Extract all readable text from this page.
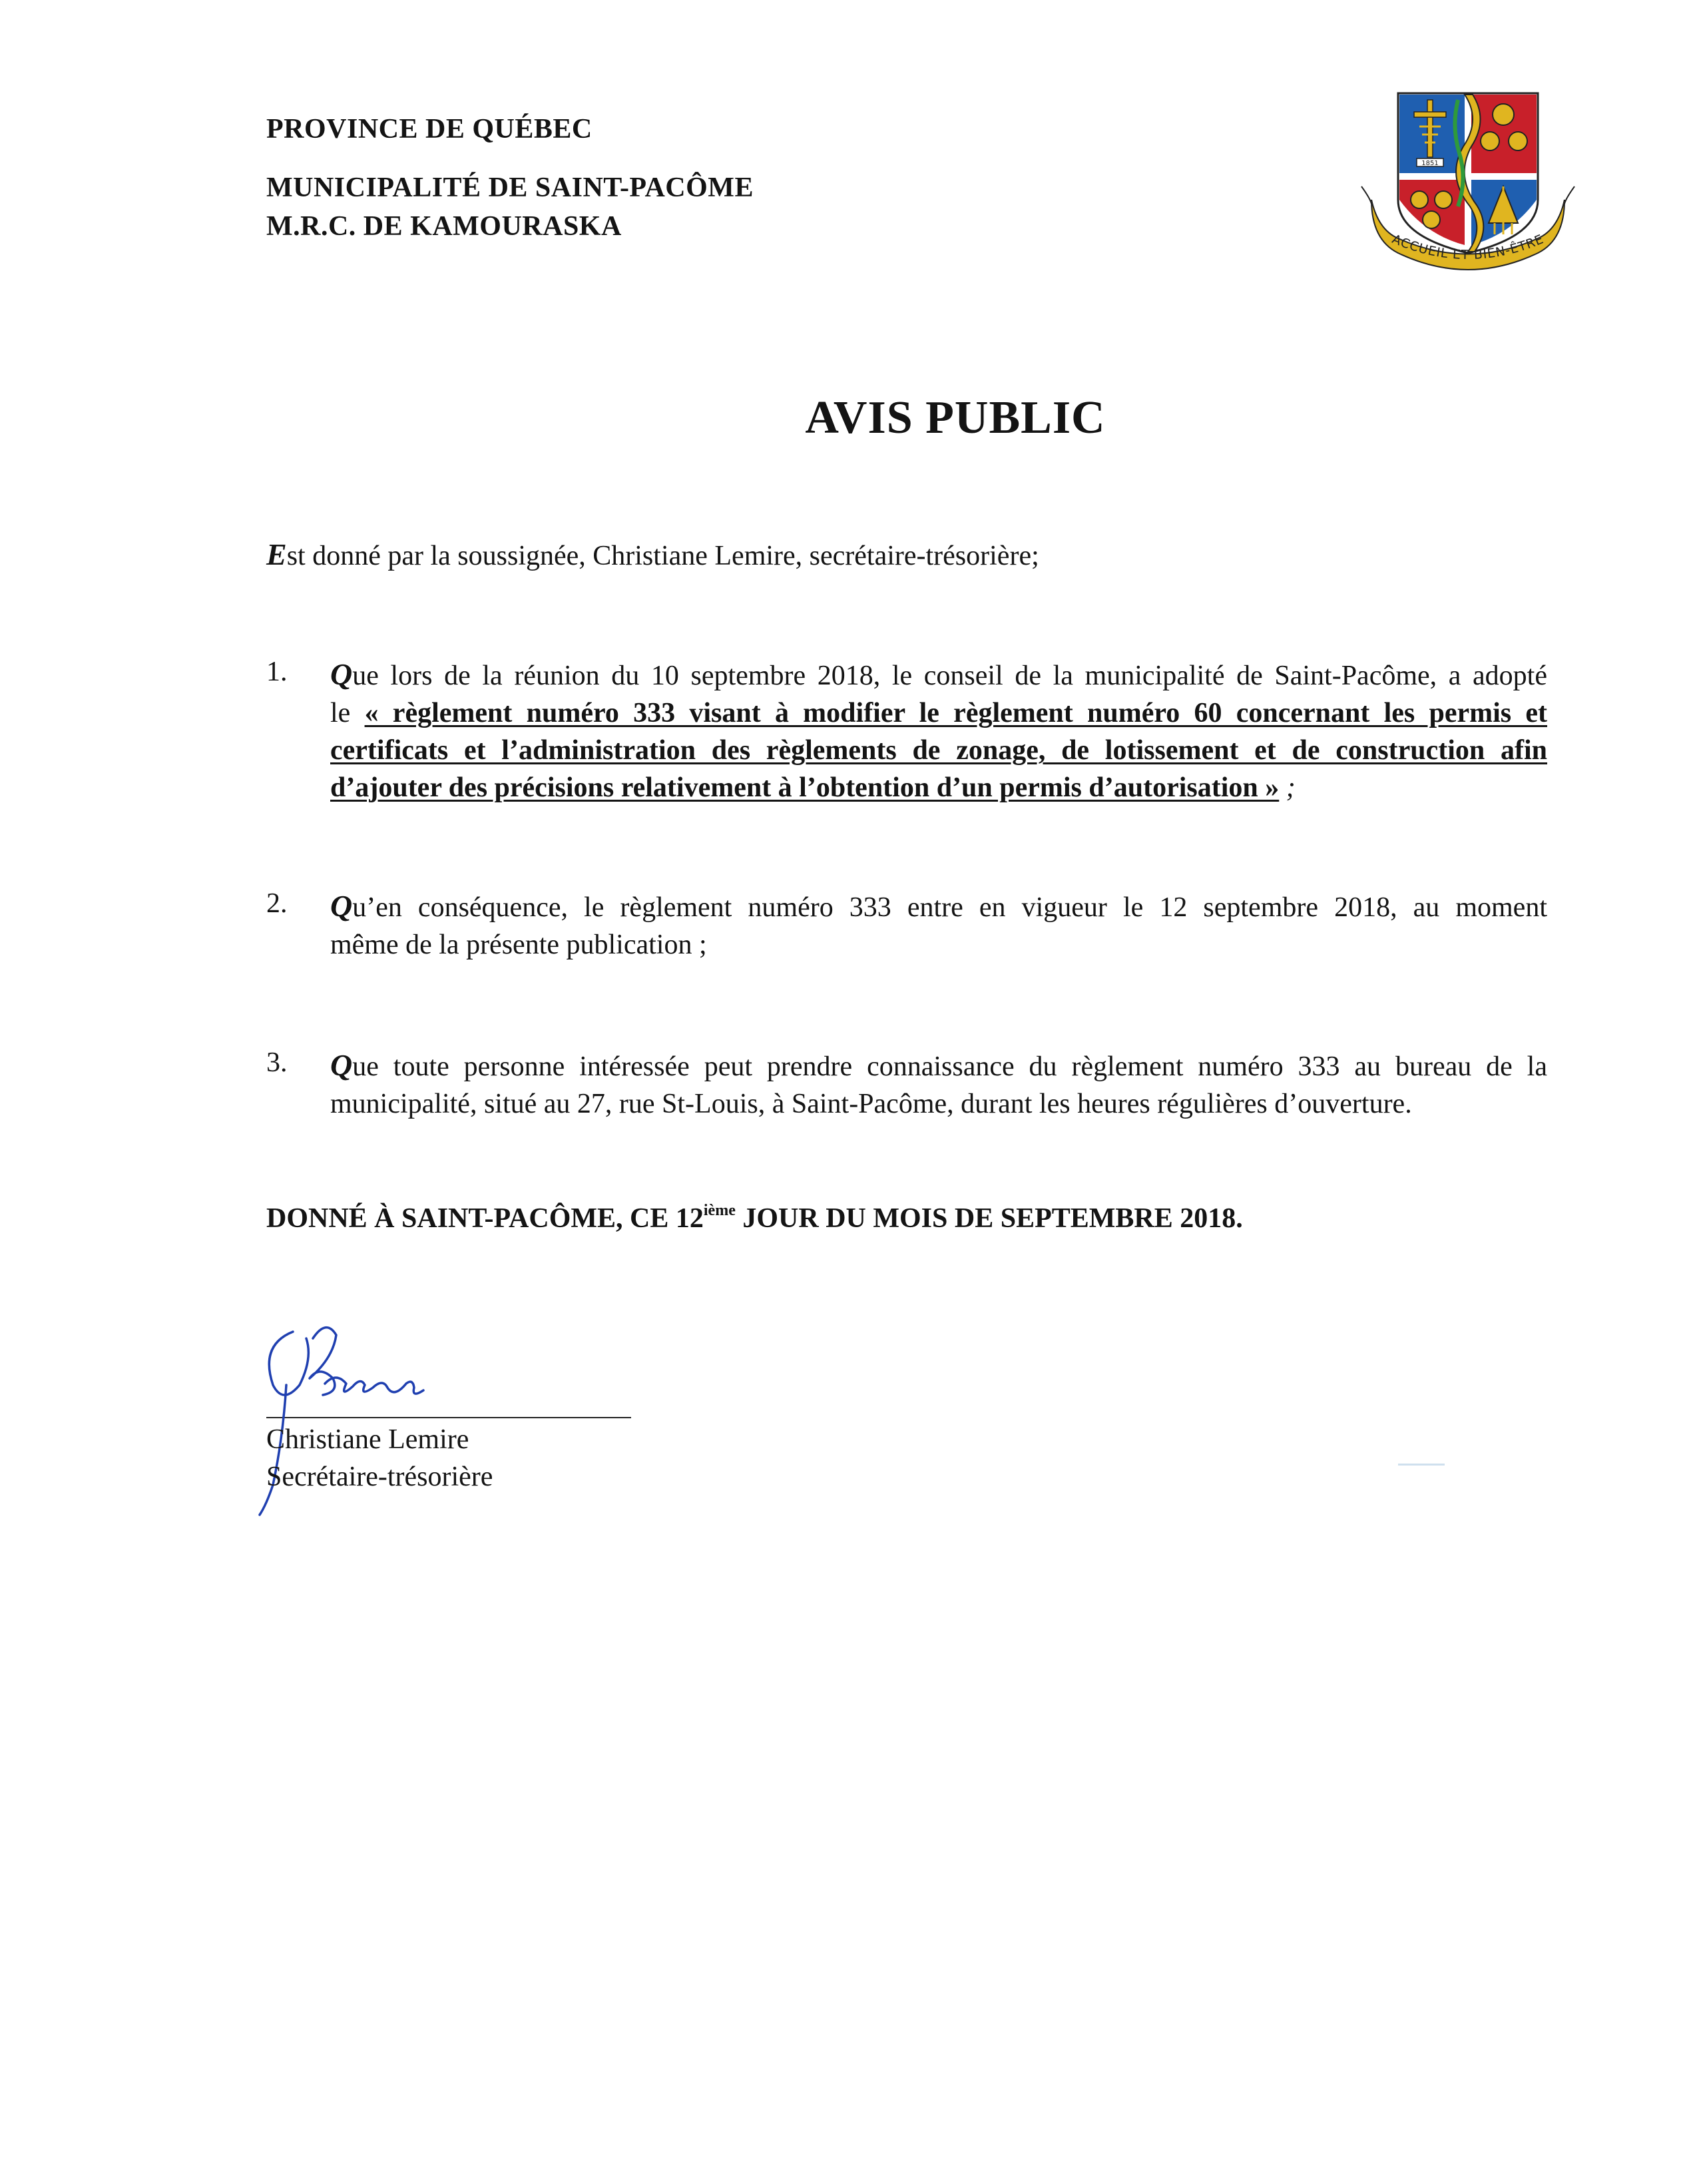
PROVINCE DE QUÉBEC
MUNICIPALITÉ DE SAINT-PACÔME
M.R.C. DE KAMOURASKA
1851
ACCUEIL ET BIEN-ÊTRE
AVIS PUBLIC
Est donné par la soussignée, Christiane Lemire, secrétaire-trésorière;
1. Que lors de la réunion du 10 septembre 2018, le conseil de la municipalité de Saint-Pacôme, a adopté
le « règlement numéro 333 visant à modifier le règlement numéro 60 concernant les permis et
certificats et l’administration des règlements de zonage, de lotissement et de construction afin
d’ajouter des précisions relativement à l’obtention d’un permis d’autorisation » ;
2. Qu’en conséquence, le règlement numéro 333 entre en vigueur le 12 septembre 2018, au moment
même de la présente publication ;
3. Que toute personne intéressée peut prendre connaissance du règlement numéro 333 au bureau de la
municipalité, situé au 27, rue St-Louis, à Saint-Pacôme, durant les heures régulières d’ouverture.
DONNÉ À SAINT-PACÔME, CE 12ième JOUR DU MOIS DE SEPTEMBRE 2018.
Christiane Lemire
Secrétaire-trésorière
